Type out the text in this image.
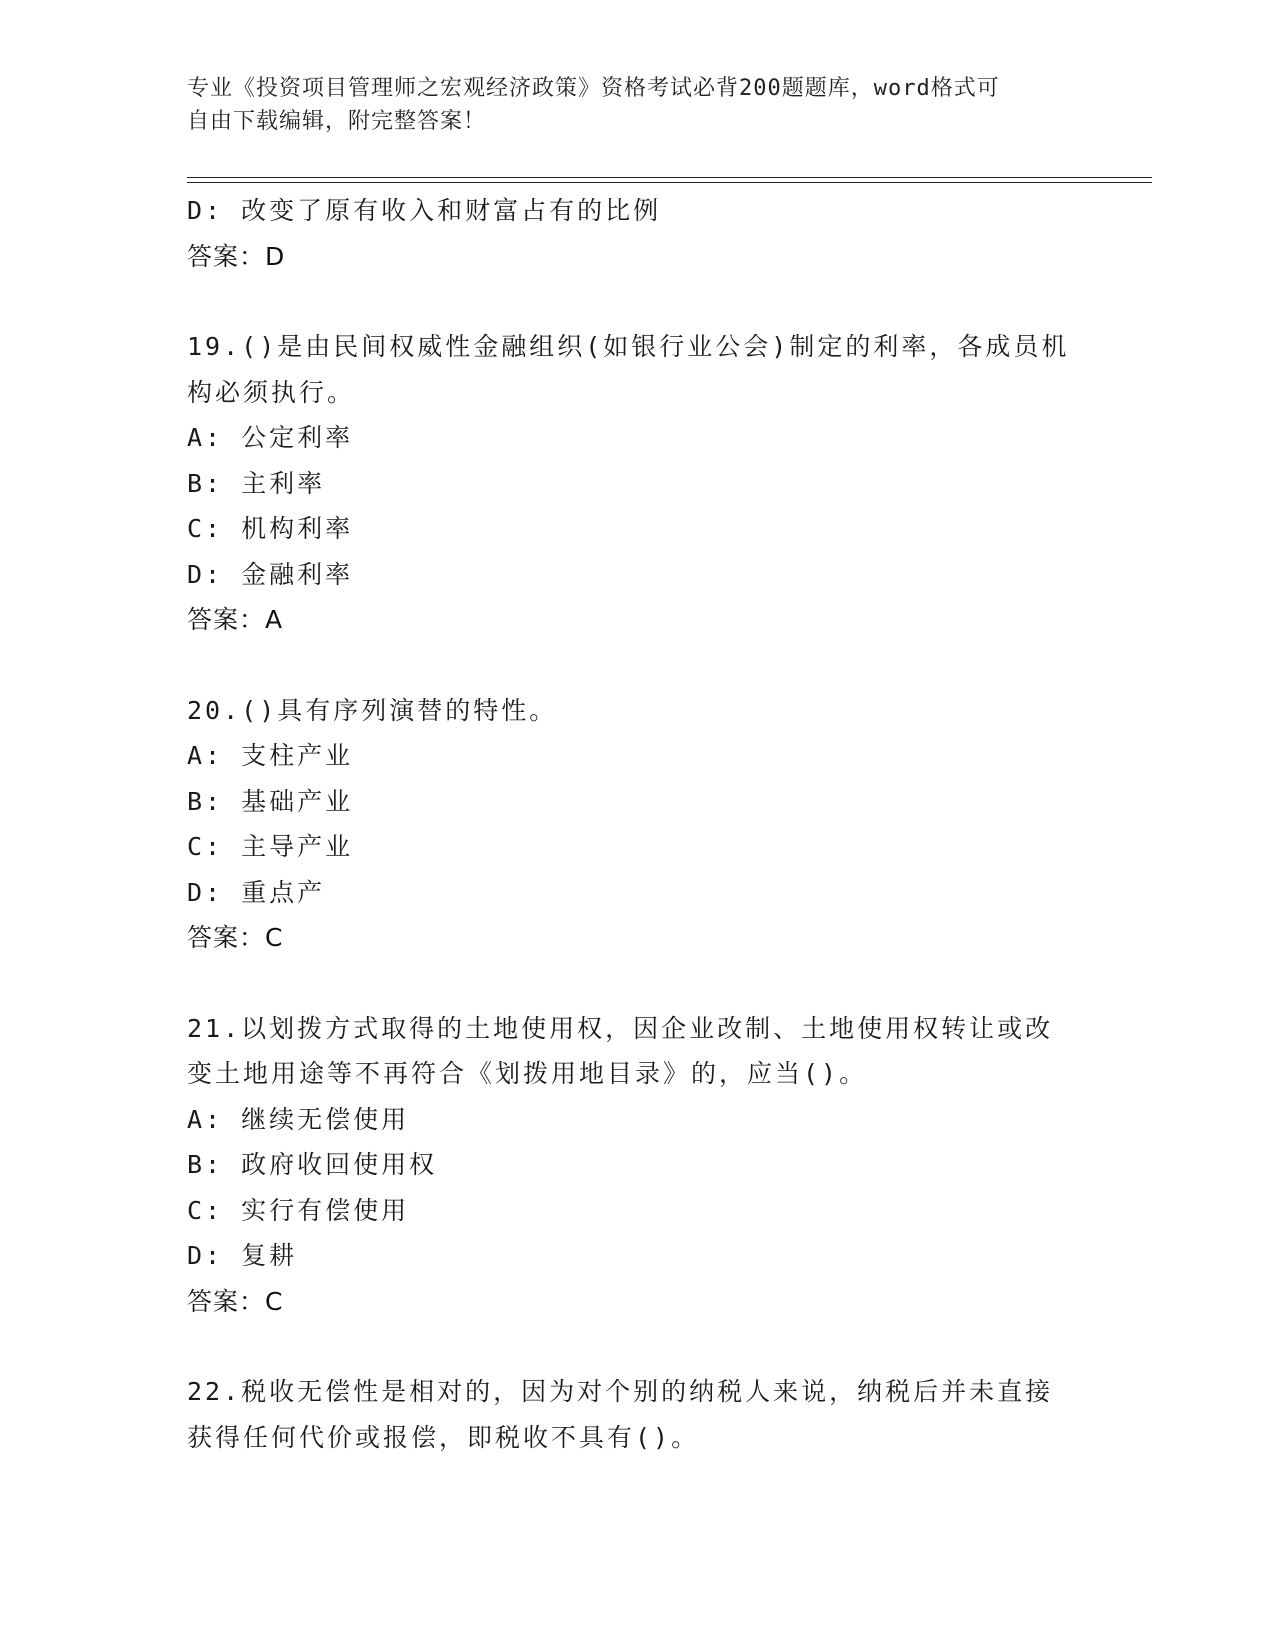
专业《投资项目管理师之宏观经济政策》资格考试必背200题题库，word格式可
自由下载编辑，附完整答案！
D: 改变了原有收入和财富占有的比例
答案：D
19.()是由民间权威性金融组织(如银行业公会)制定的利率，各成员机
构必须执行。
A: 公定利率
B: 主利率
C: 机构利率
D: 金融利率
答案：A
20.()具有序列演替的特性。
A: 支柱产业
B: 基础产业
C: 主导产业
D: 重点产
答案：C
21.以划拨方式取得的土地使用权，因企业改制、土地使用权转让或改
变土地用途等不再符合《划拨用地目录》的，应当()。
A: 继续无偿使用
B: 政府收回使用权
C: 实行有偿使用
D: 复耕
答案：C
22.税收无偿性是相对的，因为对个别的纳税人来说，纳税后并未直接
获得任何代价或报偿，即税收不具有()。
